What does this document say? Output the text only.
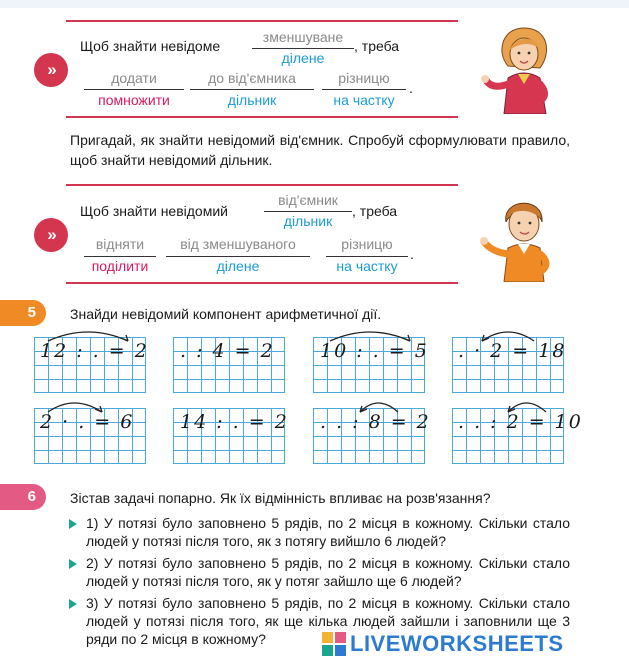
»
Щоб знайти невідоме
зменшуване
ділене
, треба
додати
помножити
до від'ємника
дільник
різницю
на частку
.
Пригадай, як знайти невідомий від'ємник. Спробуй сформулювати правило, щоб знайти невідомий дільник.
»
Щоб знайти невідомий
від'ємник
дільник
, треба
відняти
поділити
від зменшуваного
ділене
різницю
на частку
.
5	Знайди невідомий компонент арифметичної дії.
12 : . = 2 . : 4 = 2 10 : . = 5 . · 2 = 18
2 · . = 6 14 : . = 2 . . : 8 = 2 . . : 2 = 10
6	Зістав задачі попарно. Як їх відмінність впливає на розв'язання?
1) У потязі було заповнено 5 рядів, по 2 місця в кожному. Скільки стало людей у потязі після того, як з потягу вийшло 6 людей?
2) У потязі було заповнено 5 рядів, по 2 місця в кожному. Скільки стало людей у потязі після того, як у потяг зайшло ще 6 людей?
3) У потязі було заповнено 5 рядів, по 2 місця в кожному. Скільки стало людей у потязі після того, як ще кілька людей зайшли і заповнили ще 3 ряди по 2 місця в кожному?	LIVEWORKSHEETS
